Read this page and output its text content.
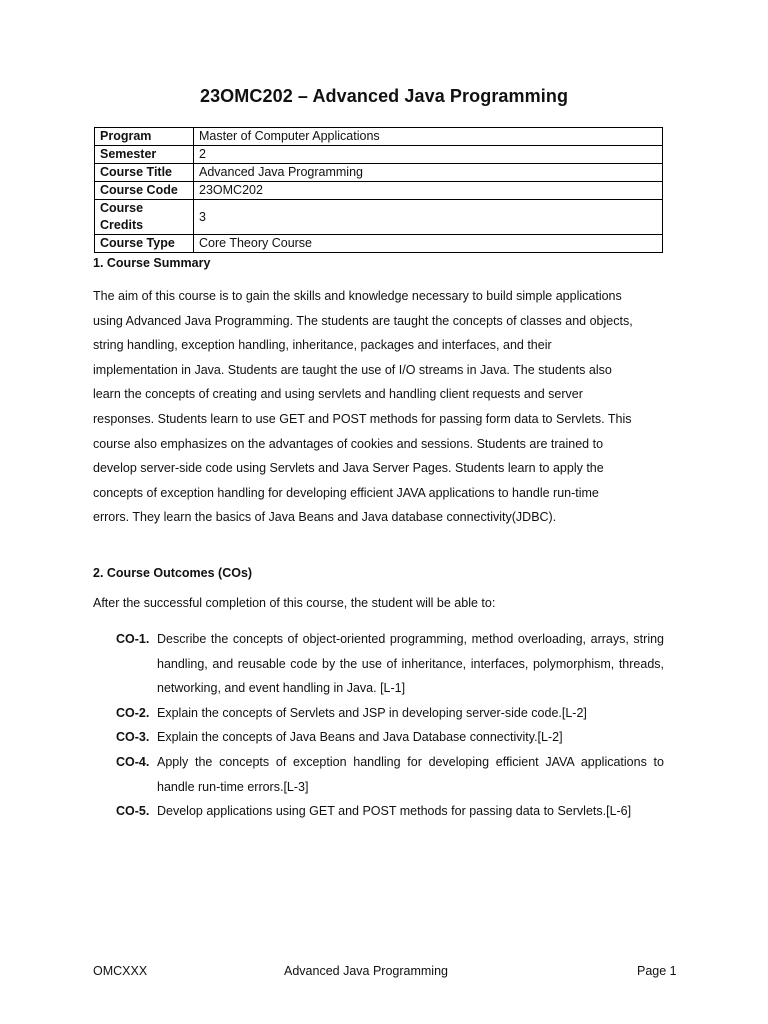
23OMC202 – Advanced Java Programming
Program	Master of Computer Applications
Semester	2
Course Title	Advanced Java Programming
Course Code	23OMC202
Course Credits	3
Course Type	Core Theory Course
1. Course Summary

The aim of this course is to gain the skills and knowledge necessary to build simple applications
using Advanced Java Programming. The students are taught the concepts of classes and objects,
string handling, exception handling, inheritance, packages and interfaces, and their
implementation in Java. Students are taught the use of I/O streams in Java. The students also
learn the concepts of creating and using servlets and handling client requests and server
responses. Students learn to use GET and POST methods for passing form data to Servlets. This
course also emphasizes on the advantages of cookies and sessions. Students are trained to
develop server-side code using Servlets and Java Server Pages. Students learn to apply the
concepts of exception handling for developing efficient JAVA applications to handle run-time
errors. They learn the basics of Java Beans and Java database connectivity(JDBC).

2. Course Outcomes (COs)
After the successful completion of this course, the student will be able to:
CO-1. Describe the concepts of object-oriented programming, method overloading, arrays, string handling, and reusable code by the use of inheritance, interfaces, polymorphism, threads, networking, and event handling in Java. [L-1]
CO-2. Explain the concepts of Servlets and JSP in developing server-side code.[L-2]
CO-3. Explain the concepts of Java Beans and Java Database connectivity.[L-2]
CO-4. Apply the concepts of exception handling for developing efficient JAVA applications to handle run-time errors.[L-3]
CO-5. Develop applications using GET and POST methods for passing data to Servlets.[L-6]
OMCXXX	Advanced Java Programming	Page 1
